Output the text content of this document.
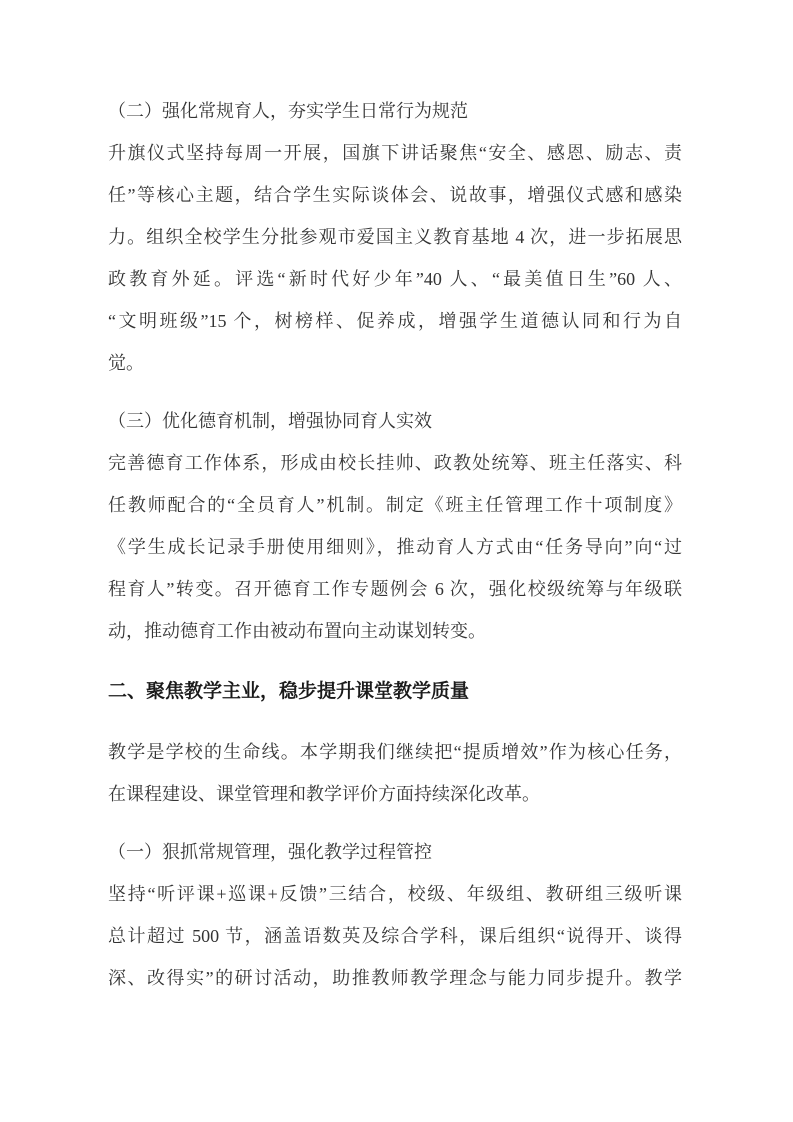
（二）强化常规育人，夯实学生日常行为规范
升旗仪式坚持每周一开展，国旗下讲话聚焦“安全、感恩、励志、责
任”等核心主题，结合学生实际谈体会、说故事，增强仪式感和感染
力。组织全校学生分批参观市爱国主义教育基地 4 次，进一步拓展思
政教育外延。评选“新时代好少年”40 人、“最美值日生”60 人、
“文明班级”15 个，树榜样、促养成，增强学生道德认同和行为自
觉。
（三）优化德育机制，增强协同育人实效
完善德育工作体系，形成由校长挂帅、政教处统筹、班主任落实、科
任教师配合的“全员育人”机制。制定《班主任管理工作十项制度》
《学生成长记录手册使用细则》，推动育人方式由“任务导向”向“过
程育人”转变。召开德育工作专题例会 6 次，强化校级统筹与年级联
动，推动德育工作由被动布置向主动谋划转变。
二、聚焦教学主业，稳步提升课堂教学质量
教学是学校的生命线。本学期我们继续把“提质增效”作为核心任务，
在课程建设、课堂管理和教学评价方面持续深化改革。
（一）狠抓常规管理，强化教学过程管控
坚持“听评课+巡课+反馈”三结合，校级、年级组、教研组三级听课
总计超过 500 节，涵盖语数英及综合学科，课后组织“说得开、谈得
深、改得实”的研讨活动，助推教师教学理念与能力同步提升。教学
